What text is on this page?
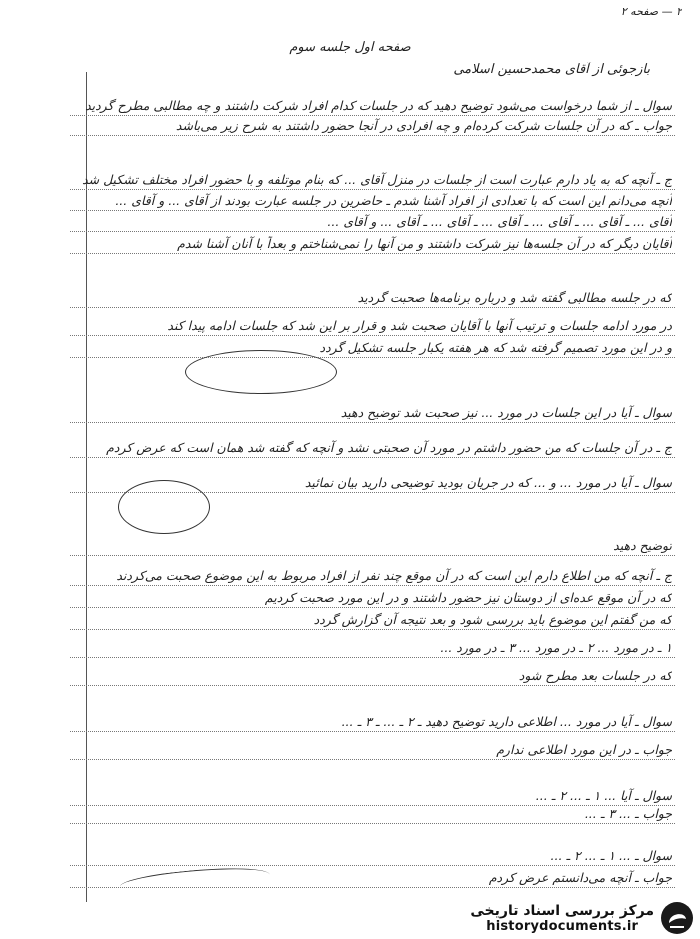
۲ — صفحه ۲
صفحه اول جلسه سوم
بازجوئی از آقای محمدحسین اسلامی
سوال ـ از شما درخواست می‌شود توضیح دهید که در جلسات کدام افراد شرکت داشتند و چه مطالبی مطرح گردید
جواب ـ که در آن جلسات شرکت کرده‌ام و چه افرادی در آنجا حضور داشتند به شرح زیر می‌باشد
ج ـ آنچه که به یاد دارم عبارت است از جلسات در منزل آقای ... که بنام موتلفه و با حضور افراد مختلف تشکیل شد
آنچه می‌دانم این است که با تعدادی از افراد آشنا شدم ـ حاضرین در جلسه عبارت بودند از آقای ... و آقای ...
آقای ... ـ آقای ... ـ آقای ... ـ آقای ... ـ آقای ... ـ آقای ... و آقای ...
آقایان دیگر که در آن جلسه‌ها نیز شرکت داشتند و من آنها را نمی‌شناختم و بعداً با آنان آشنا شدم
که در جلسه مطالبی گفته شد و درباره برنامه‌ها صحبت گردید
در مورد ادامه جلسات و ترتیب آنها با آقایان صحبت شد و قرار بر این شد که جلسات ادامه پیدا کند
و در این مورد تصمیم گرفته شد که هر هفته یکبار جلسه تشکیل گردد
سوال ـ آیا در این جلسات در مورد ... نیز صحبت شد توضیح دهید
ج ـ در آن جلسات که من حضور داشتم در مورد آن صحبتی نشد و آنچه که گفته شد همان است که عرض کردم
سوال ـ آیا در مورد ... و ... که در جریان بودید توضیحی دارید بیان نمائید
توضیح دهید
ج ـ آنچه که من اطلاع دارم این است که در آن موقع چند نفر از افراد مربوط به این موضوع صحبت می‌کردند
که در آن موقع عده‌ای از دوستان نیز حضور داشتند و در این مورد صحبت کردیم
که من گفتم این موضوع باید بررسی شود و بعد نتیجه آن گزارش گردد
۱ ـ در مورد ... ۲ ـ در مورد ... ۳ ـ در مورد ...
که در جلسات بعد مطرح شود
سوال ـ آیا در مورد ... اطلاعی دارید توضیح دهید ـ ۲ ـ ... ـ ۳ ـ ...
جواب ـ در این مورد اطلاعی ندارم
سوال ـ آیا ... ۱ ـ ... ۲ ـ ...
جواب ـ ... ۳ ـ ...
سوال ـ ... ۱ ـ ... ۲ ـ ...
جواب ـ آنچه می‌دانستم عرض کردم
مرکز بررسی اسناد تاریخی
historydocuments.ir
